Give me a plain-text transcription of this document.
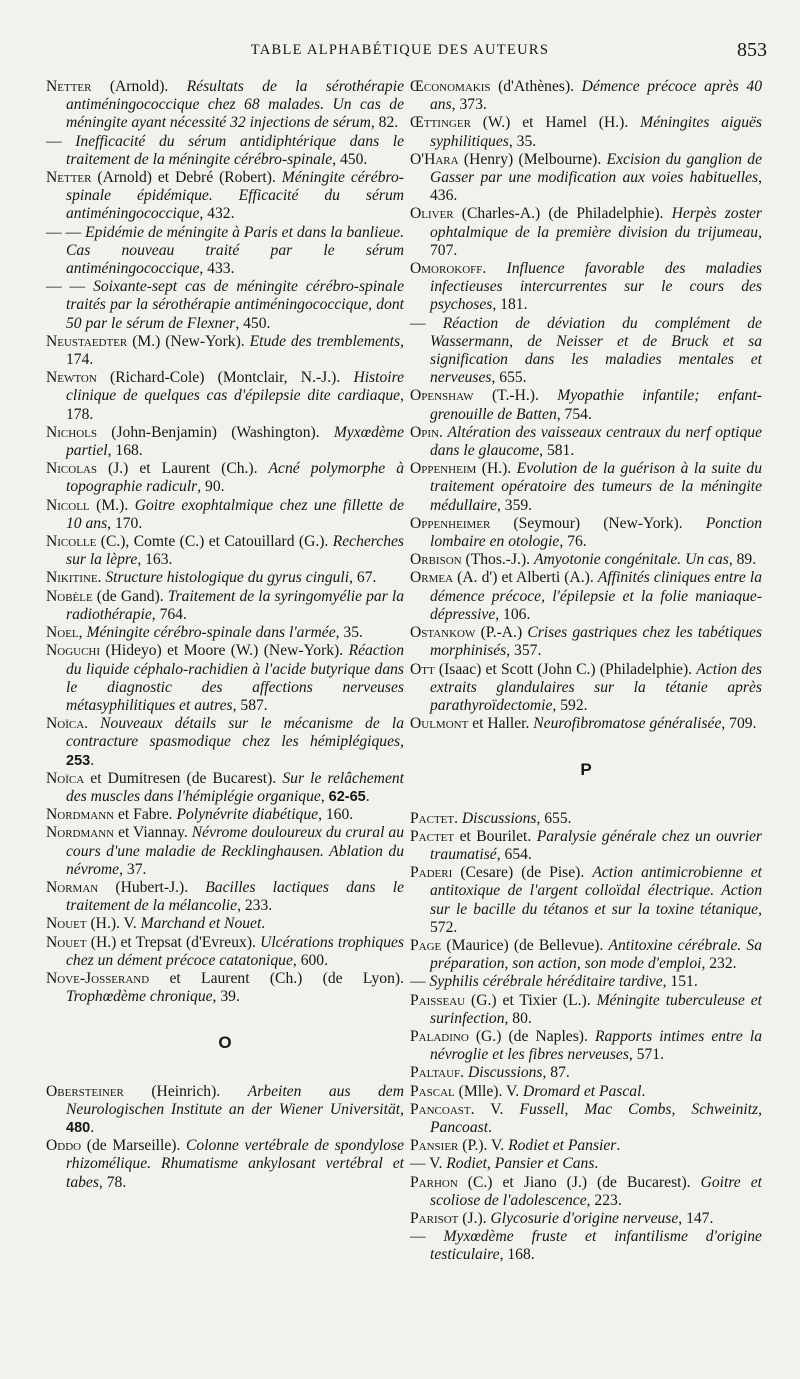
TABLE ALPHABÉTIQUE DES AUTEURS	853

Netter (Arnold). Résultats de la sérothérapie antiméningococcique chez 68 malades. Un cas de méningite ayant nécessité 32 injections de sérum, 82.

— Inefficacité du sérum antidiphtérique dans le traitement de la méningite cérébro-spinale, 450.

Netter (Arnold) et Debré (Robert). Méningite cérébro-spinale épidémique. Efficacité du sérum antiméningococcique, 432.

— — Epidémie de méningite à Paris et dans la banlieue. Cas nouveau traité par le sérum antiméningococcique, 433.

— — Soixante-sept cas de méningite cérébro-spinale traités par la sérothérapie antiméningococcique, dont 50 par le sérum de Flexner, 450.

Neustaedter (M.) (New-York). Etude des tremblements, 174.

Newton (Richard-Cole) (Montclair, N.-J.). Histoire clinique de quelques cas d'épilepsie dite cardiaque, 178.

Nichols (John-Benjamin) (Washington). Myxœdème partiel, 168.

Nicolas (J.) et Laurent (Ch.). Acné polymorphe à topographie radiculr, 90.

Nicoll (M.). Goitre exophtalmique chez une fillette de 10 ans, 170.

Nicolle (C.), Comte (C.) et Catouillard (G.). Recherches sur la lèpre, 163.

Nikitine. Structure histologique du gyrus cinguli, 67.

Nobèle (de Gand). Traitement de la syringomyélie par la radiothérapie, 764.

Noel, Méningite cérébro-spinale dans l'armée, 35.

Noguchi (Hideyo) et Moore (W.) (New-York). Réaction du liquide céphalo-rachidien à l'acide butyrique dans le diagnostic des affections nerveuses métasyphilitiques et autres, 587.

Noïca. Nouveaux détails sur le mécanisme de la contracture spasmodique chez les hémiplégiques, 253.

Noïca et Dumitresen (de Bucarest). Sur le relâchement des muscles dans l'hémiplégie organique, 62-65.

Nordmann et Fabre. Polynévrite diabétique, 160.

Nordmann et Viannay. Névrome douloureux du crural au cours d'une maladie de Recklinghausen. Ablation du névrome, 37.

Norman (Hubert-J.). Bacilles lactiques dans le traitement de la mélancolie, 233.

Nouet (H.). V. Marchand et Nouet.

Nouet (H.) et Trepsat (d'Evreux). Ulcérations trophiques chez un dément précoce catatonique, 600.

Nove-Josserand et Laurent (Ch.) (de Lyon). Trophœdème chronique, 39.

O

Obersteiner (Heinrich). Arbeiten aus dem Neurologischen Institute an der Wiener Universität, 480.

Oddo (de Marseille). Colonne vertébrale de spondylose rhizomélique. Rhumatisme ankylosant vertébral et tabes, 78.

Œconomakis (d'Athènes). Démence précoce après 40 ans, 373.

Œttinger (W.) et Hamel (H.). Méningites aiguës syphilitiques, 35.

O'Hara (Henry) (Melbourne). Excision du ganglion de Gasser par une modification aux voies habituelles, 436.

Oliver (Charles-A.) (de Philadelphie). Herpès zoster ophtalmique de la première division du trijumeau, 707.

Omorokoff. Influence favorable des maladies infectieuses intercurrentes sur le cours des psychoses, 181.

— Réaction de déviation du complément de Wassermann, de Neisser et de Bruck et sa signification dans les maladies mentales et nerveuses, 655.

Openshaw (T.-H.). Myopathie infantile; enfant-grenouille de Batten, 754.

Opin. Altération des vaisseaux centraux du nerf optique dans le glaucome, 581.

Oppenheim (H.). Evolution de la guérison à la suite du traitement opératoire des tumeurs de la méningite médullaire, 359.

Oppenheimer (Seymour) (New-York). Ponction lombaire en otologie, 76.

Orbison (Thos.-J.). Amyotonie congénitale. Un cas, 89.

Ormea (A. d') et Alberti (A.). Affinités cliniques entre la démence précoce, l'épilepsie et la folie maniaque-dépressive, 106.

Ostankow (P.-A.) Crises gastriques chez les tabétiques morphinisés, 357.

Ott (Isaac) et Scott (John C.) (Philadelphie). Action des extraits glandulaires sur la tétanie après parathyroïdectomie, 592.

Oulmont et Haller. Neurofibromatose généralisée, 709.

P

Pactet. Discussions, 655.

Pactet et Bourilet. Paralysie générale chez un ouvrier traumatisé, 654.

Paderi (Cesare) (de Pise). Action antimicrobienne et antitoxique de l'argent colloïdal électrique. Action sur le bacille du tétanos et sur la toxine tétanique, 572.

Page (Maurice) (de Bellevue). Antitoxine cérébrale. Sa préparation, son action, son mode d'emploi, 232.

— Syphilis cérébrale héréditaire tardive, 151.

Paisseau (G.) et Tixier (L.). Méningite tuberculeuse et surinfection, 80.

Paladino (G.) (de Naples). Rapports intimes entre la névroglie et les fibres nerveuses, 571.

Paltauf. Discussions, 87.

Pascal (Mlle). V. Dromard et Pascal.

Pancoast. V. Fussell, Mac Combs, Schweinitz, Pancoast.

Pansier (P.). V. Rodiet et Pansier.

— V. Rodiet, Pansier et Cans.

Parhon (C.) et Jiano (J.) (de Bucarest). Goitre et scoliose de l'adolescence, 223.

Parisot (J.). Glycosurie d'origine nerveuse, 147.

— Myxœdème fruste et infantilisme d'origine testiculaire, 168.
